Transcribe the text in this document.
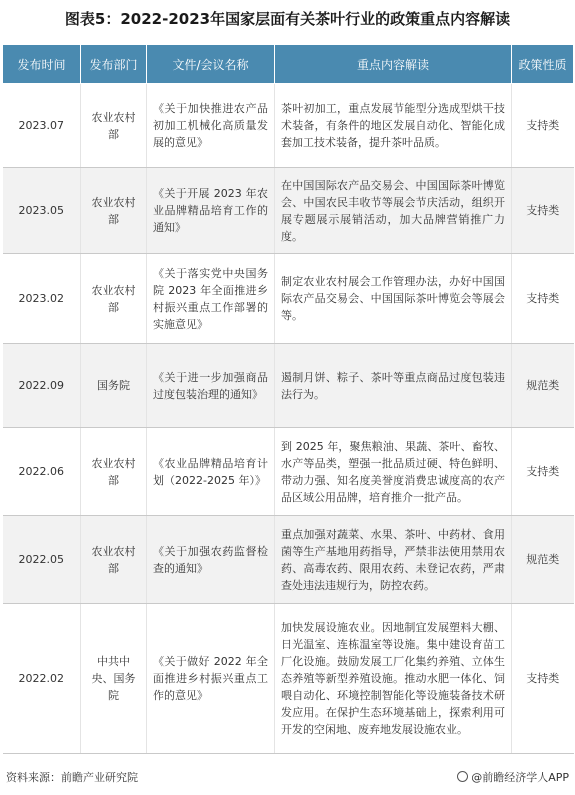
图表5：2022-2023年国家层面有关茶叶行业的政策重点内容解读
发布时间	发布部门	文件/会议名称	重点内容解读	政策性质
2023.07	农业农村部	《关于加快推进农产品初加工机械化高质量发展的意见》	茶叶初加工，重点发展节能型分选成型烘干技术装备，有条件的地区发展自动化、智能化成套加工技术装备，提升茶叶品质。	支持类
2023.05	农业农村部	《关于开展 2023 年农业品牌精品培育工作的通知》	在中国国际农产品交易会、中国国际茶叶博览会、中国农民丰收节等展会节庆活动，组织开展专题展示展销活动，加大品牌营销推广力度。	支持类
2023.02	农业农村部	《关于落实党中央国务院 2023 年全面推进乡村振兴重点工作部署的实施意见》	制定农业农村展会工作管理办法，办好中国国际农产品交易会、中国国际茶叶博览会等展会等。	支持类
2022.09	国务院	《关于进一步加强商品过度包装治理的通知》	遏制月饼、粽子、茶叶等重点商品过度包装违法行为。	规范类
2022.06	农业农村部	《农业品牌精品培育计划（2022-2025 年）》	到 2025 年，聚焦粮油、果蔬、茶叶、畜牧、水产等品类，塑强一批品质过硬、特色鲜明、带动力强、知名度美誉度消费忠诚度高的农产品区域公用品牌，培育推介一批产品。	支持类
2022.05	农业农村部	《关于加强农药监督检查的通知》	重点加强对蔬菜、水果、茶叶、中药材、食用菌等生产基地用药指导，严禁非法使用禁用农药、高毒农药、限用农药、未登记农药，严肃查处违法违规行为，防控农药。	规范类
2022.02	中共中央、国务院	《关于做好 2022 年全面推进乡村振兴重点工作的意见》	加快发展设施农业。因地制宜发展塑料大棚、日光温室、连栋温室等设施。集中建设育苗工厂化设施。鼓励发展工厂化集约养殖、立体生态养殖等新型养殖设施。推动水肥一体化、饲喂自动化、环境控制智能化等设施装备技术研发应用。在保护生态环境基础上，探索利用可开发的空闲地、废弃地发展设施农业。	支持类
资料来源：前瞻产业研究院	@前瞻经济学人APP
